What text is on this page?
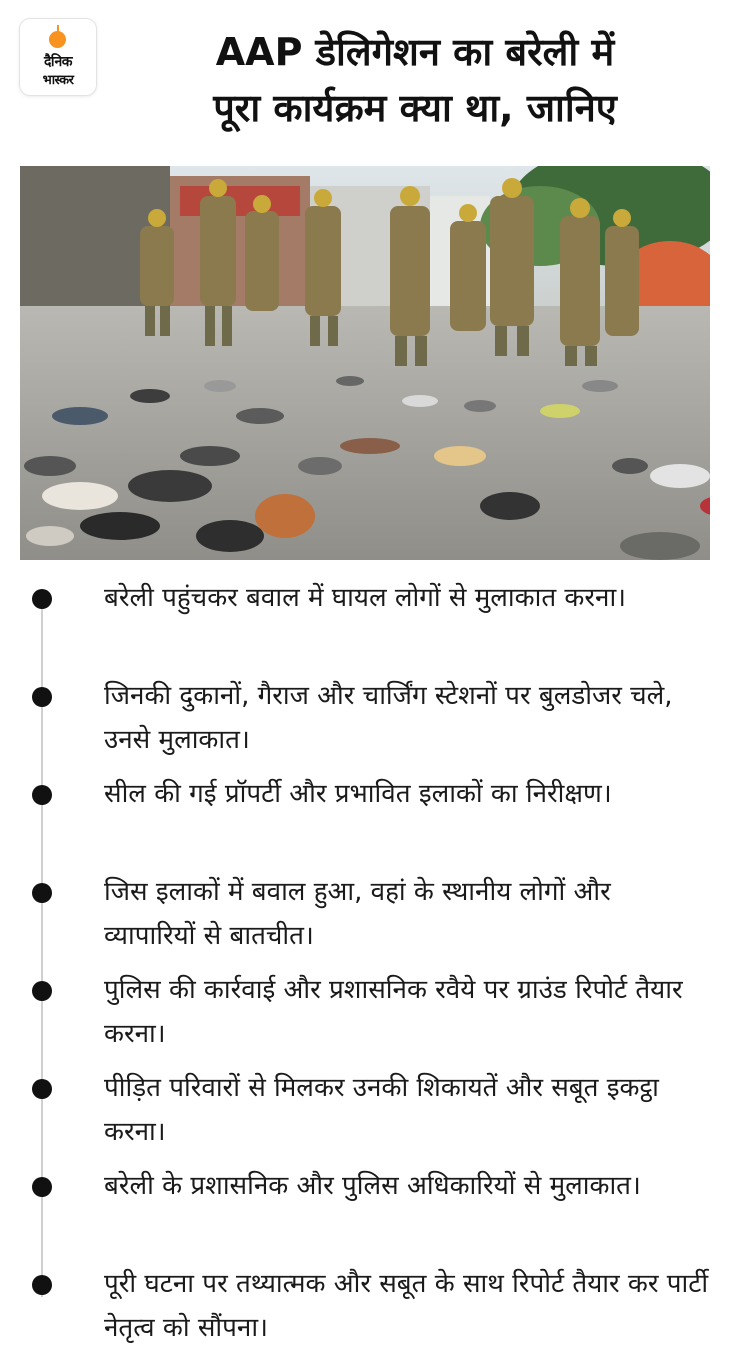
दैनिक
भास्कर
AAP डेलिगेशन का बरेली में
पूरा कार्यक्रम क्या था, जानिए

बरेली पहुंचकर बवाल में घायल लोगों से मुलाकात करना।

जिनकी दुकानों, गैराज और चार्जिंग स्टेशनों पर बुलडोजर चले, उनसे मुलाकात।

सील की गई प्रॉपर्टी और प्रभावित इलाकों का निरीक्षण।

जिस इलाकों में बवाल हुआ, वहां के स्थानीय लोगों और व्यापारियों से बातचीत।

पुलिस की कार्रवाई और प्रशासनिक रवैये पर ग्राउंड रिपोर्ट तैयार करना।

पीड़ित परिवारों से मिलकर उनकी शिकायतें और सबूत इकट्ठा करना।

बरेली के प्रशासनिक और पुलिस अधिकारियों से मुलाकात।

पूरी घटना पर तथ्यात्मक और सबूत के साथ रिपोर्ट तैयार कर पार्टी नेतृत्व को सौंपना।
